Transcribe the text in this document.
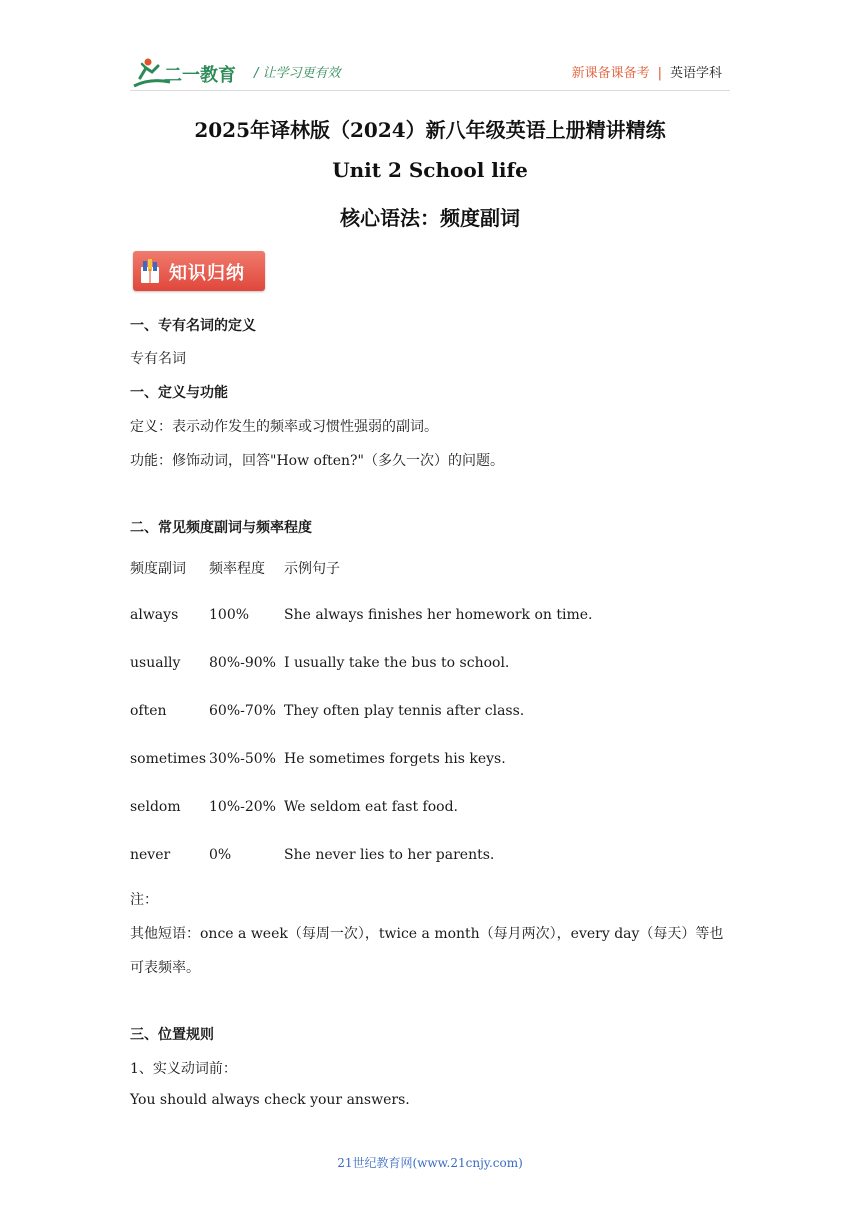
二一教育 / 让学习更有效	新课备课备考 | 英语学科
2025年译林版（2024）新八年级英语上册精讲精练
Unit 2 School life
核心语法：频度副词
知识归纳
一、专有名词的定义
专有名词
一、定义与功能
定义：表示动作发生的频率或习惯性强弱的副词。
功能：修饰动词，回答"How often?"（多久一次）的问题。
二、常见频度副词与频率程度
频度副词 频率程度 示例句子
always 100% She always finishes her homework on time.
usually 80%-90% I usually take the bus to school.
often	60%-70% They often play tennis after class.
sometimes 30%-50% He sometimes forgets his keys.
seldom 10%-20% We seldom eat fast food.
never	0%	She never lies to her parents.
注：
其他短语：once a week（每周一次），twice a month（每月两次），every day（每天）等也
可表频率。
三、位置规则
1、实义动词前：
You should always check your answers.
21世纪教育网(www.21cnjy.com)
